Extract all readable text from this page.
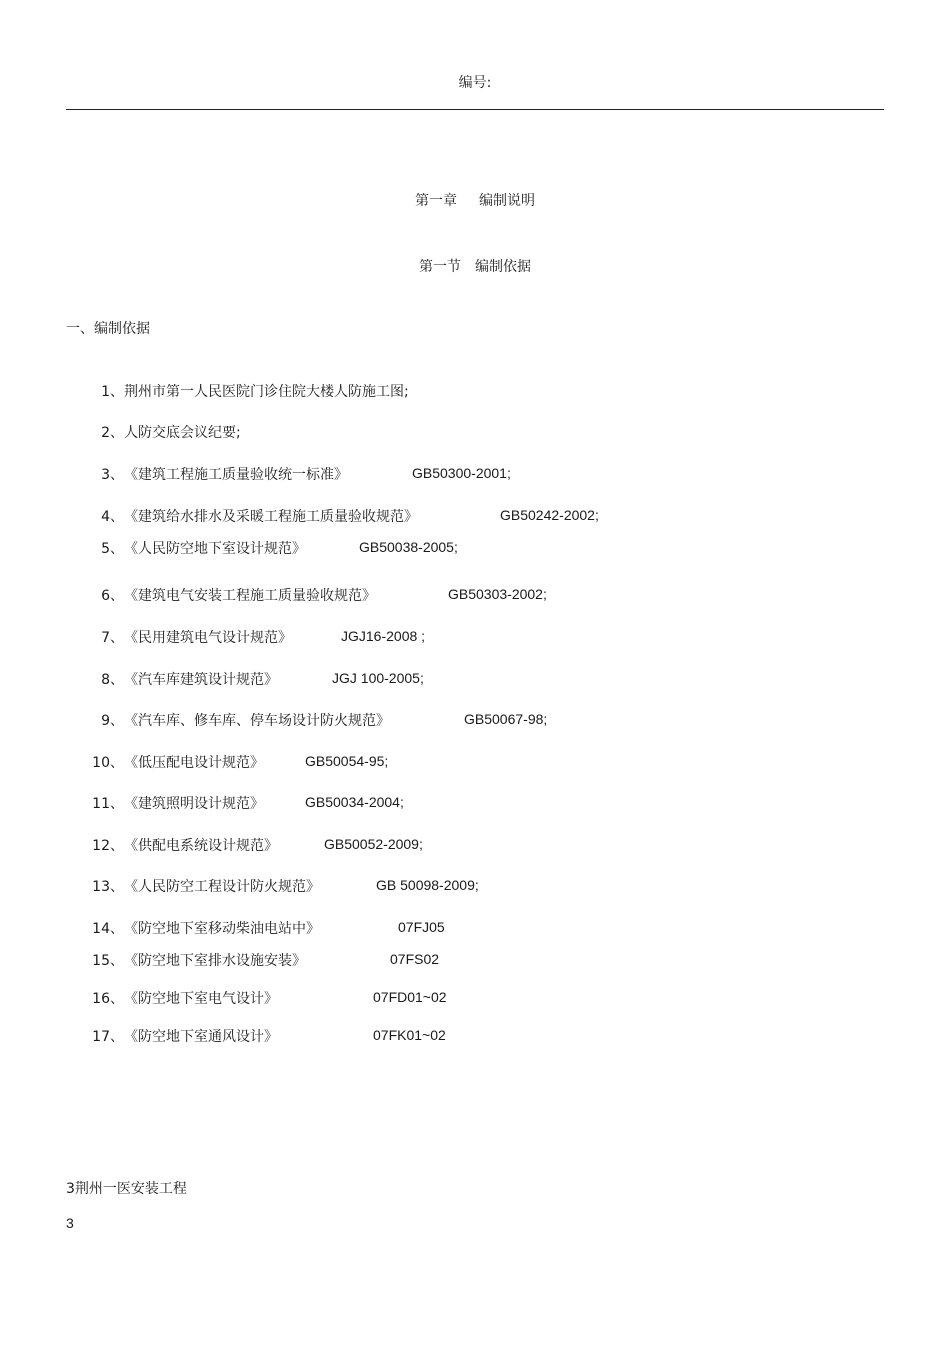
编号:
第一章 编制说明
第一节 编制依据
一、编制依据
1、荆州市第一人民医院门诊住院大楼人防施工图;
2、人防交底会议纪要;
3、《建筑工程施工质量验收统一标准》	GB50300-2001;
4、《建筑给水排水及采暖工程施工质量验收规范》	GB50242-2002;
5、《人民防空地下室设计规范》	GB50038-2005;
6、《建筑电气安装工程施工质量验收规范》	GB50303-2002;
7、《民用建筑电气设计规范》	JGJ16-2008 ;
8、《汽车库建筑设计规范》	JGJ 100-2005;
9、《汽车库、修车库、停车场设计防火规范》	GB50067-98;
10、《低压配电设计规范》	GB50054-95;
11、《建筑照明设计规范》	GB50034-2004;
12、《供配电系统设计规范》	GB50052-2009;
13、《人民防空工程设计防火规范》	GB 50098-2009;
14、《防空地下室移动柴油电站中》	07FJ05
15、《防空地下室排水设施安装》	07FS02
16、《防空地下室电气设计》	07FD01~02
17、《防空地下室通风设计》	07FK01~02
3荆州一医安装工程
3
